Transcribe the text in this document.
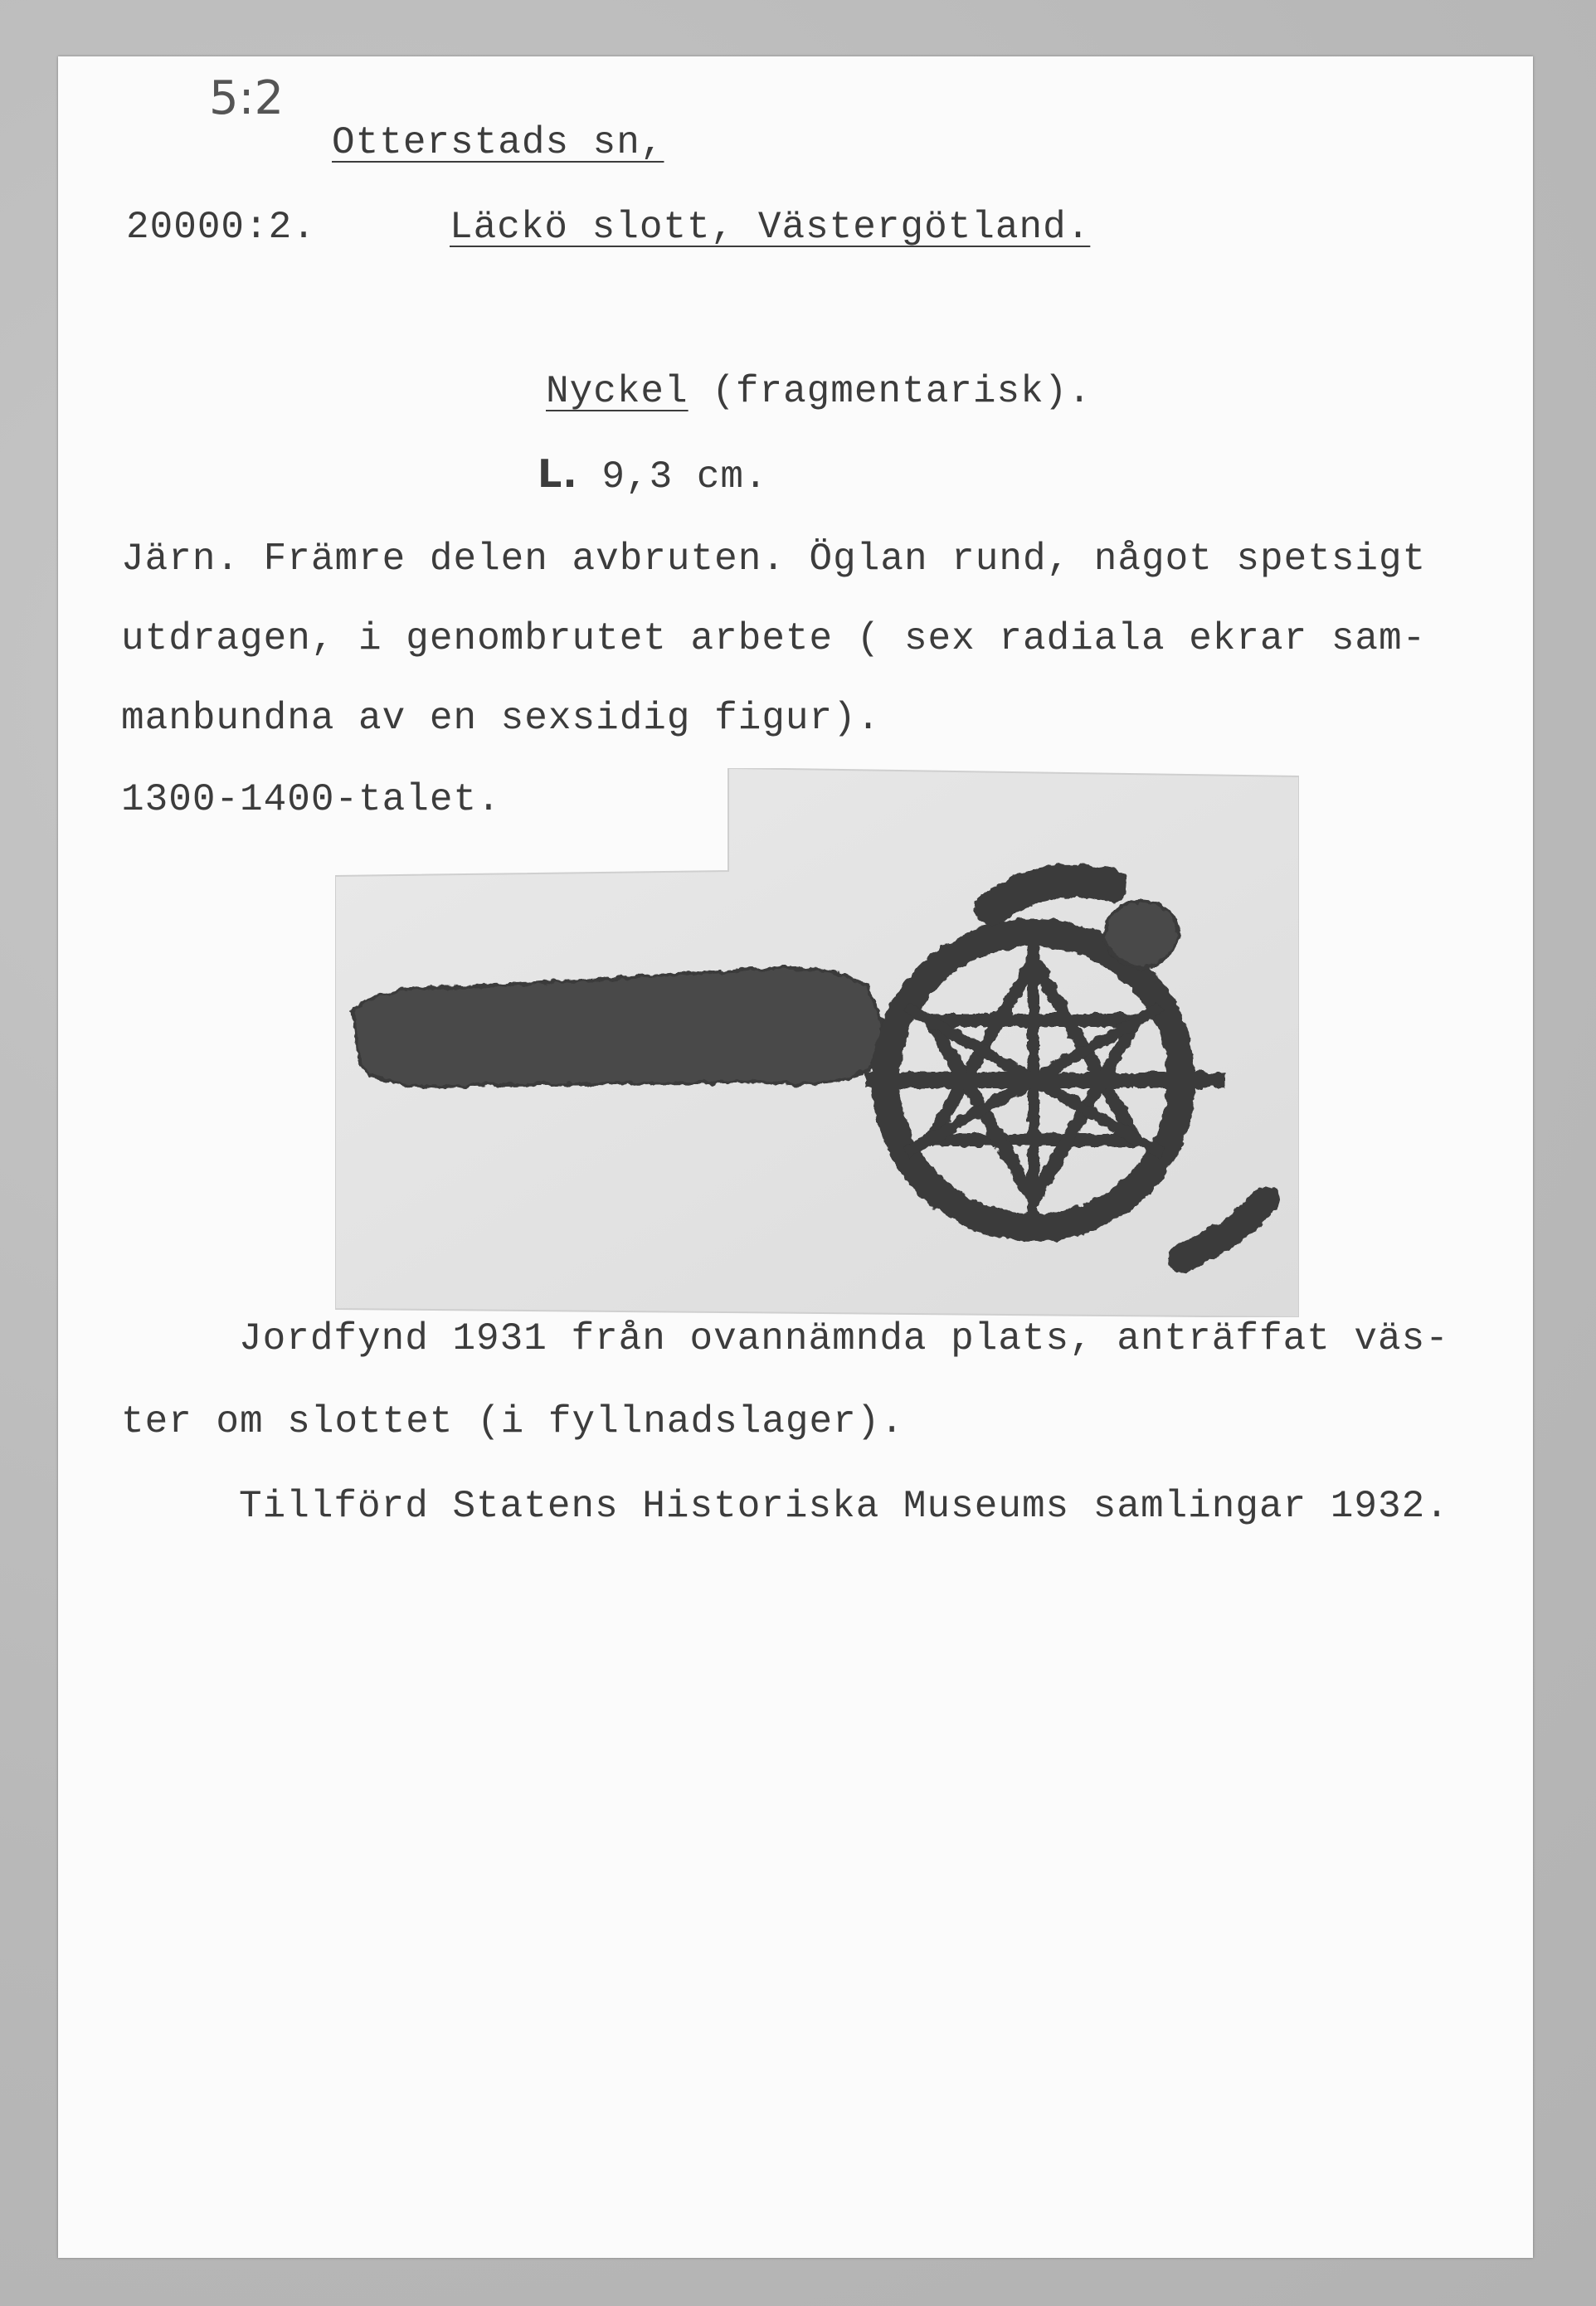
5:2
Otterstads sn,
20000:2.	Läckö slott, Västergötland.
Nyckel (fragmentarisk).
L. 9,3 cm.
Järn. Främre delen avbruten. Öglan rund, något spetsigt
utdragen, i genombrutet arbete ( sex radiala ekrar sam-
manbundna av en sexsidig figur).
1300-1400-talet.
Jordfynd 1931 från ovannämnda plats, anträffat väs-
ter om slottet (i fyllnadslager).
Tillförd Statens Historiska Museums samlingar 1932.
